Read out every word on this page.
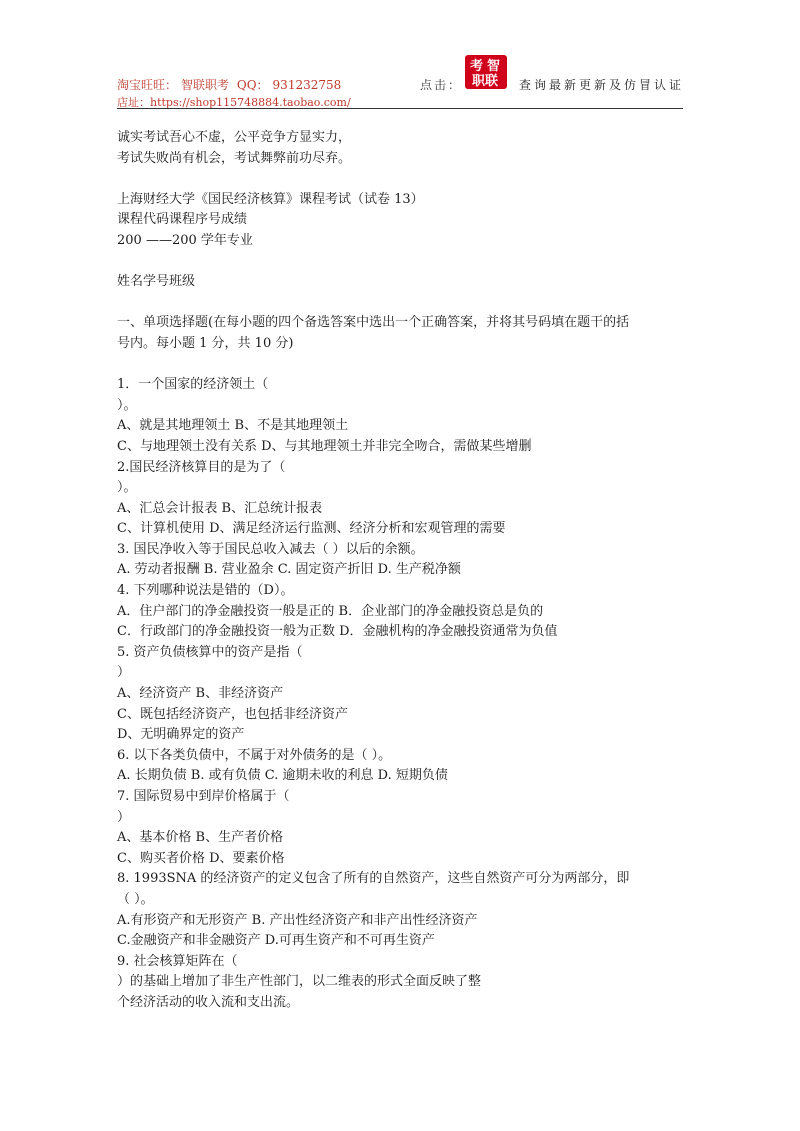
淘宝旺旺： 智联职考 QQ： 931232758
店址：https://shop115748884.taobao.com/
点击：
考 智
职联 查询最新更新及仿冒认证
诚实考试吾心不虚，公平竞争方显实力，
考试失败尚有机会，考试舞弊前功尽弃。
上海财经大学《国民经济核算》课程考试（试卷 13）
课程代码课程序号成绩
200 ——200 学年专业
姓名学号班级
一、单项选择题(在每小题的四个备选答案中选出一个正确答案，并将其号码填在题干的括
号内。每小题 1 分，共 10 分)
1．一个国家的经济领土（
）。
A、就是其地理领土 B、不是其地理领土
C、与地理领土没有关系 D、与其地理领土并非完全吻合，需做某些增删
2.国民经济核算目的是为了（
）。
A、汇总会计报表 B、汇总统计报表
C、计算机使用 D、满足经济运行监测、经济分析和宏观管理的需要
3. 国民净收入等于国民总收入减去（ ）以后的余额。
A. 劳动者报酬 B. 营业盈余 C. 固定资产折旧 D. 生产税净额
4. 下列哪种说法是错的（D）。
A．住户部门的净金融投资一般是正的 B．企业部门的净金融投资总是负的
C．行政部门的净金融投资一般为正数 D．金融机构的净金融投资通常为负值
5. 资产负债核算中的资产是指（
）
A、经济资产 B、非经济资产
C、既包括经济资产，也包括非经济资产
D、无明确界定的资产
6. 以下各类负债中，不属于对外债务的是（ ）。
A. 长期负债 B. 或有负债 C. 逾期未收的利息 D. 短期负债
7. 国际贸易中到岸价格属于（
）
A、基本价格 B、生产者价格
C、购买者价格 D、要素价格
8. 1993SNA 的经济资产的定义包含了所有的自然资产，这些自然资产可分为两部分，即
（ ）。
A.有形资产和无形资产 B. 产出性经济资产和非产出性经济资产
C.金融资产和非金融资产 D.可再生资产和不可再生资产
9. 社会核算矩阵在（
）的基础上增加了非生产性部门，以二维表的形式全面反映了整
个经济活动的收入流和支出流。
